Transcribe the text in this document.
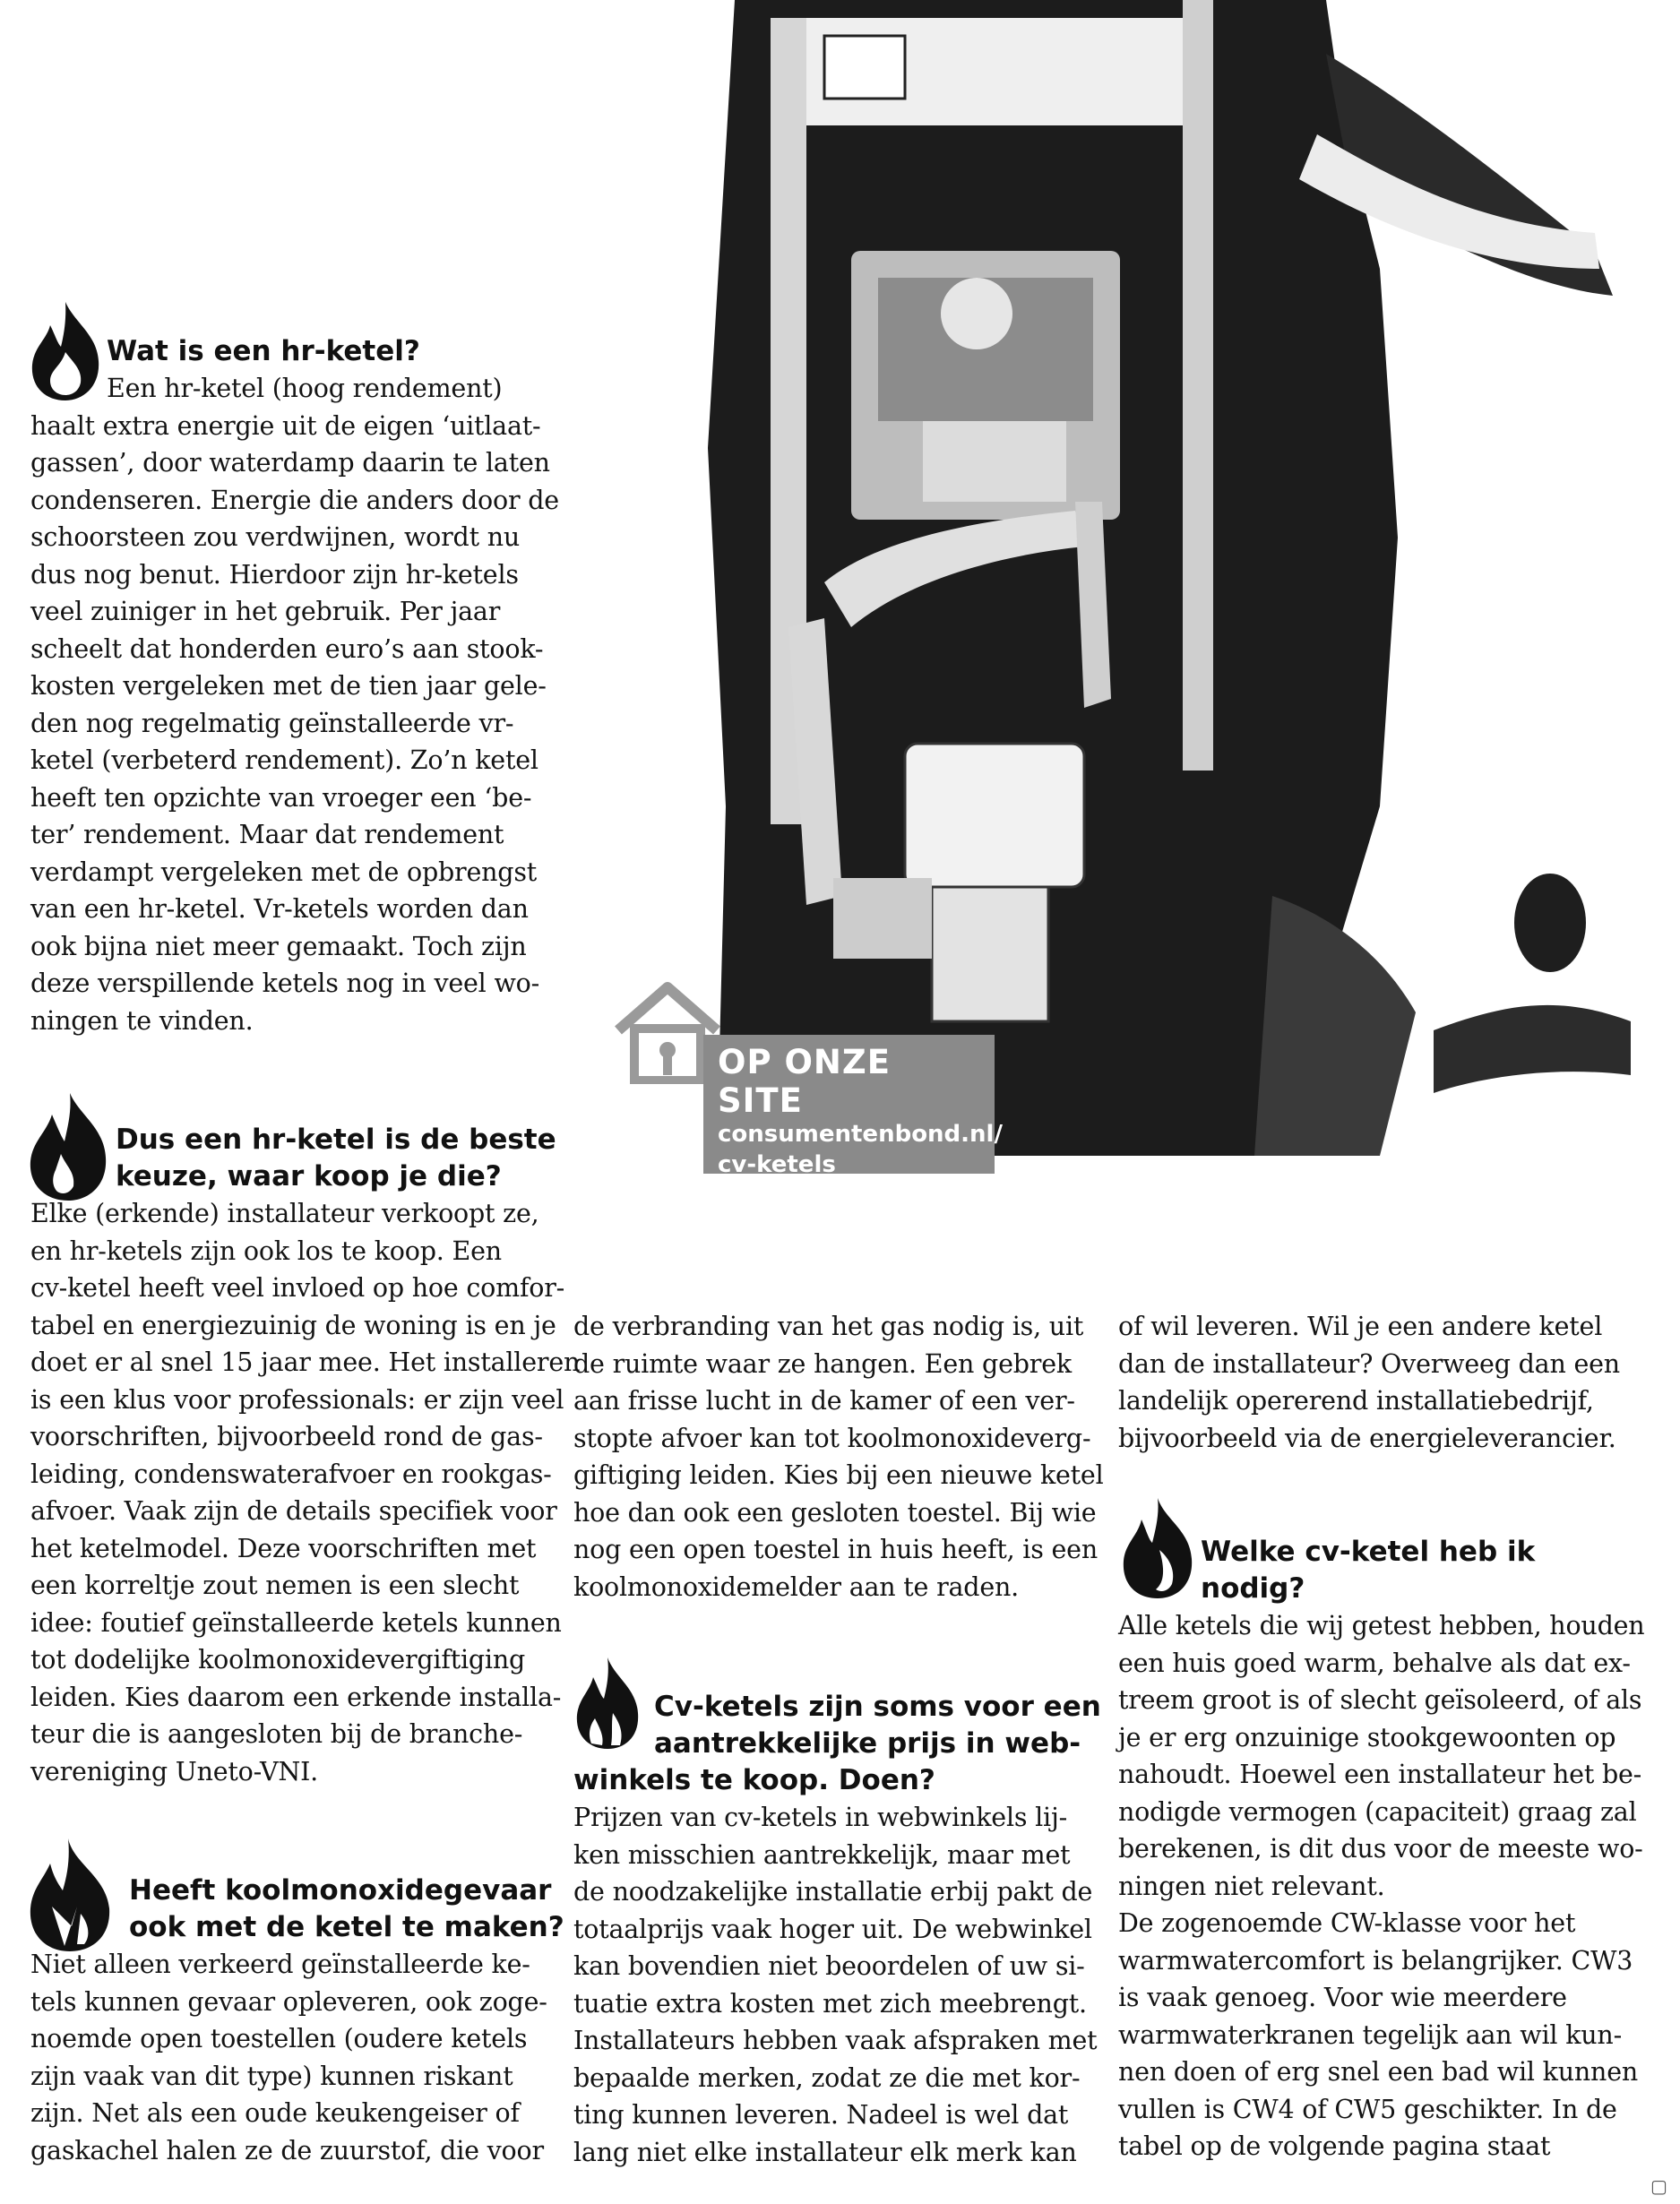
OP ONZE SITE
consumentenbond.nl/
cv-ketels
Wat is een hr-ketel?
Een hr-ketel (hoog rendement)
haalt extra energie uit de eigen ‘uitlaat-
gassen’, door waterdamp daarin te laten
condenseren. Energie die anders door de
schoorsteen zou verdwijnen, wordt nu
dus nog benut. Hierdoor zijn hr-ketels
veel zuiniger in het gebruik. Per jaar
scheelt dat honderden euro’s aan stook-
kosten vergeleken met de tien jaar gele-
den nog regelmatig geïnstalleerde vr-
ketel (verbeterd rendement). Zo’n ketel
heeft ten opzichte van vroeger een ‘be-
ter’ rendement. Maar dat rendement
verdampt vergeleken met de opbrengst
van een hr-ketel. Vr-ketels worden dan
ook bijna niet meer gemaakt. Toch zijn
deze verspillende ketels nog in veel wo-
ningen te vinden.
Dus een hr-ketel is de beste
keuze, waar koop je die?
Elke (erkende) installateur verkoopt ze,
en hr-ketels zijn ook los te koop. Een
cv-ketel heeft veel invloed op hoe comfor-
tabel en energiezuinig de woning is en je
doet er al snel 15 jaar mee. Het installeren
is een klus voor professionals: er zijn veel
voorschriften, bijvoorbeeld rond de gas-
leiding, condenswaterafvoer en rookgas-
afvoer. Vaak zijn de details specifiek voor
het ketelmodel. Deze voorschriften met
een korreltje zout nemen is een slecht
idee: foutief geïnstalleerde ketels kunnen
tot dodelijke koolmonoxidevergiftiging
leiden. Kies daarom een erkende installa-
teur die is aangesloten bij de branche-
vereniging Uneto-VNI.
Heeft koolmonoxidegevaar
ook met de ketel te maken?
Niet alleen verkeerd geïnstalleerde ke-
tels kunnen gevaar opleveren, ook zoge-
noemde open toestellen (oudere ketels
zijn vaak van dit type) kunnen riskant
zijn. Net als een oude keukengeiser of
gaskachel halen ze de zuurstof, die voor
de verbranding van het gas nodig is, uit
de ruimte waar ze hangen. Een gebrek
aan frisse lucht in de kamer of een ver-
stopte afvoer kan tot koolmonoxideverg-
giftiging leiden. Kies bij een nieuwe ketel
hoe dan ook een gesloten toestel. Bij wie
nog een open toestel in huis heeft, is een
koolmonoxidemelder aan te raden.
Cv-ketels zijn soms voor een
aantrekkelijke prijs in web-
winkels te koop. Doen?
Prijzen van cv-ketels in webwinkels lij-
ken misschien aantrekkelijk, maar met
de noodzakelijke installatie erbij pakt de
totaalprijs vaak hoger uit. De webwinkel
kan bovendien niet beoordelen of uw si-
tuatie extra kosten met zich meebrengt.
Installateurs hebben vaak afspraken met
bepaalde merken, zodat ze die met kor-
ting kunnen leveren. Nadeel is wel dat
lang niet elke installateur elk merk kan
of wil leveren. Wil je een andere ketel
dan de installateur? Overweeg dan een
landelijk opererend installatiebedrijf,
bijvoorbeeld via de energieleverancier.
Welke cv-ketel heb ik
nodig?
Alle ketels die wij getest hebben, houden
een huis goed warm, behalve als dat ex-
treem groot is of slecht geïsoleerd, of als
je er erg onzuinige stookgewoonten op
nahoudt. Hoewel een installateur het be-
nodigde vermogen (capaciteit) graag zal
berekenen, is dit dus voor de meeste wo-
ningen niet relevant.
De zogenoemde CW-klasse voor het
warmwatercomfort is belangrijker. CW3
is vaak genoeg. Voor wie meerdere
warmwaterkranen tegelijk aan wil kun-
nen doen of erg snel een bad wil kunnen
vullen is CW4 of CW5 geschikter. In de
tabel op de volgende pagina staat
▢
